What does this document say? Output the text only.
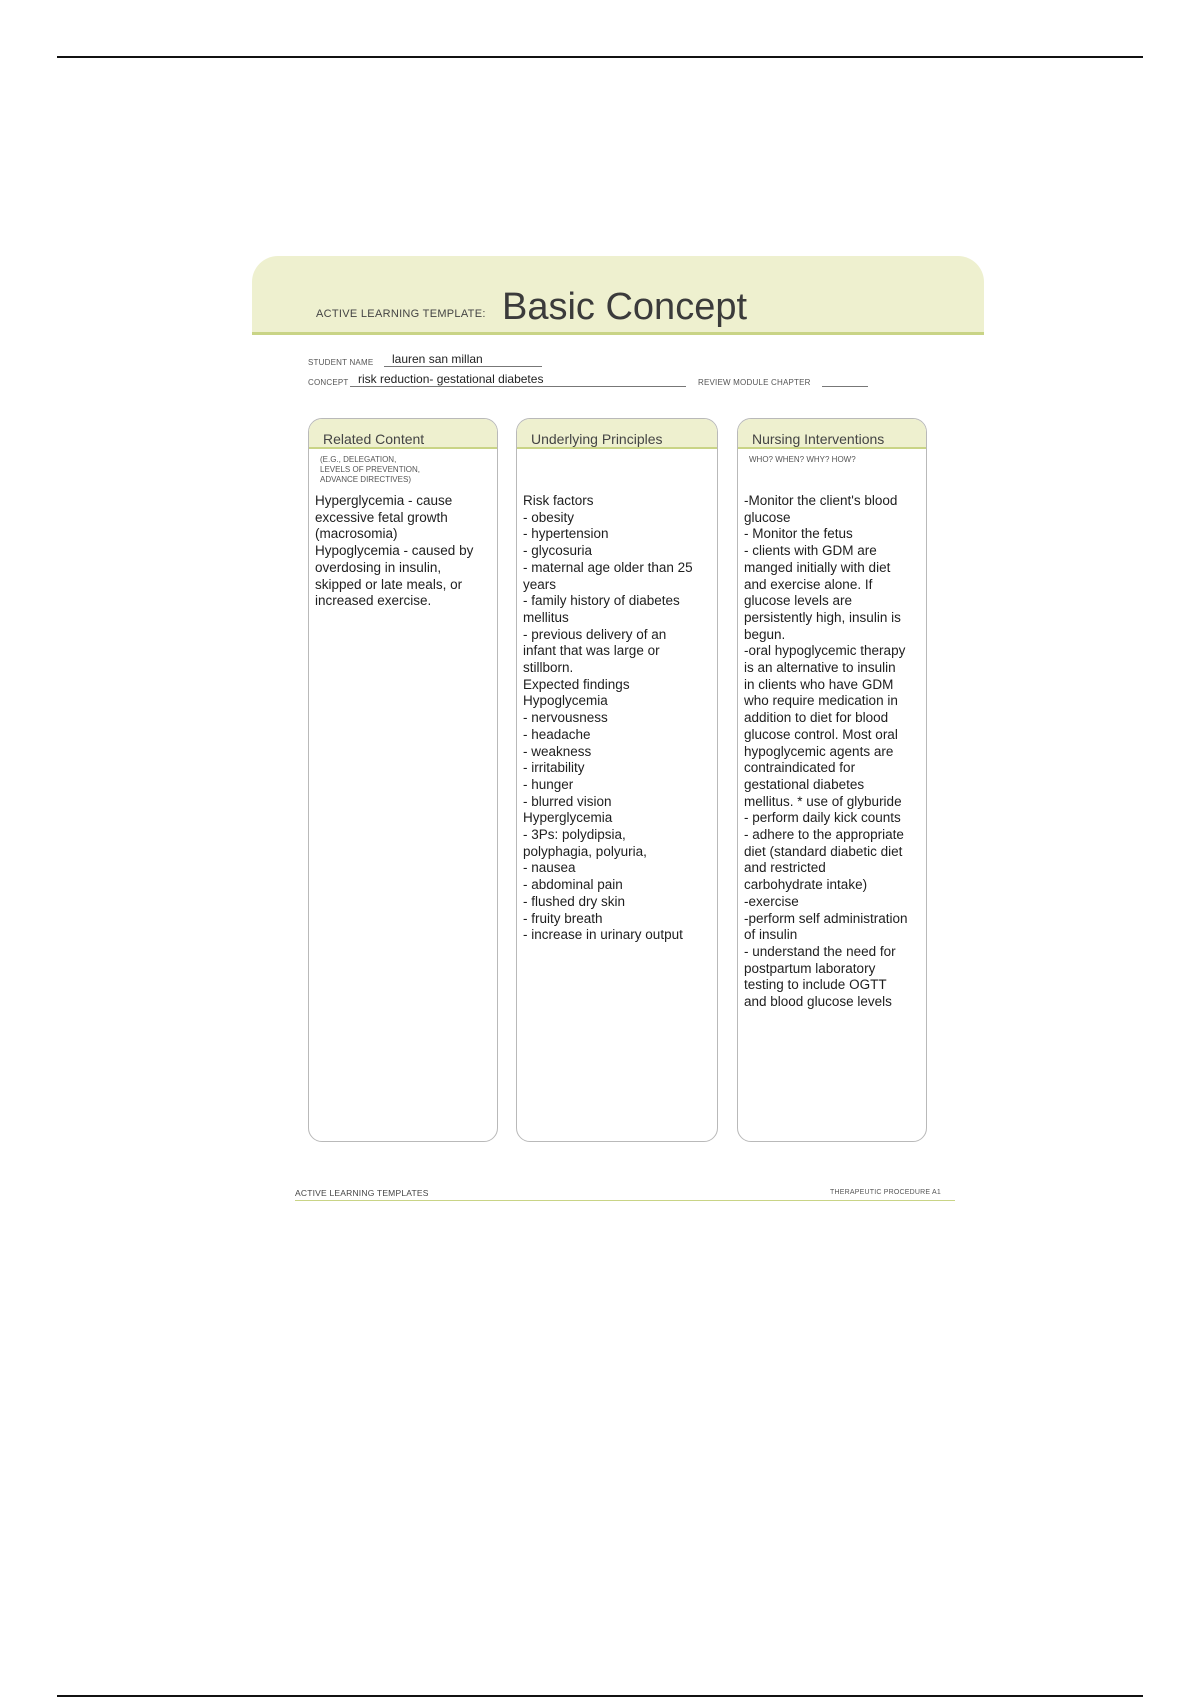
ACTIVE LEARNING TEMPLATE: Basic Concept
STUDENT NAME lauren san millan
CONCEPT risk reduction- gestational diabetes	REVIEW MODULE CHAPTER
Related Content
(E.G., DELEGATION,
LEVELS OF PREVENTION,
ADVANCE DIRECTIVES)
Hyperglycemia - cause
excessive fetal growth
(macrosomia)
Hypoglycemia - caused by
overdosing in insulin,
skipped or late meals, or
increased exercise.
Underlying Principles
Risk factors
- obesity
- hypertension
- glycosuria
- maternal age older than 25
years
- family history of diabetes
mellitus
- previous delivery of an
infant that was large or
stillborn.
Expected findings
Hypoglycemia
- nervousness
- headache
- weakness
- irritability
- hunger
- blurred vision
Hyperglycemia
- 3Ps: polydipsia,
polyphagia, polyuria,
- nausea
- abdominal pain
- flushed dry skin
- fruity breath
- increase in urinary output
Nursing Interventions
WHO? WHEN? WHY? HOW?
-Monitor the client's blood
glucose
- Monitor the fetus
- clients with GDM are
manged initially with diet
and exercise alone. If
glucose levels are
persistently high, insulin is
begun.
-oral hypoglycemic therapy
is an alternative to insulin
in clients who have GDM
who require medication in
addition to diet for blood
glucose control. Most oral
hypoglycemic agents are
contraindicated for
gestational diabetes
mellitus. * use of glyburide
- perform daily kick counts
- adhere to the appropriate
diet (standard diabetic diet
and restricted
carbohydrate intake)
-exercise
-perform self administration
of insulin
- understand the need for
postpartum laboratory
testing to include OGTT
and blood glucose levels
ACTIVE LEARNING TEMPLATES	THERAPEUTIC PROCEDURE A1
